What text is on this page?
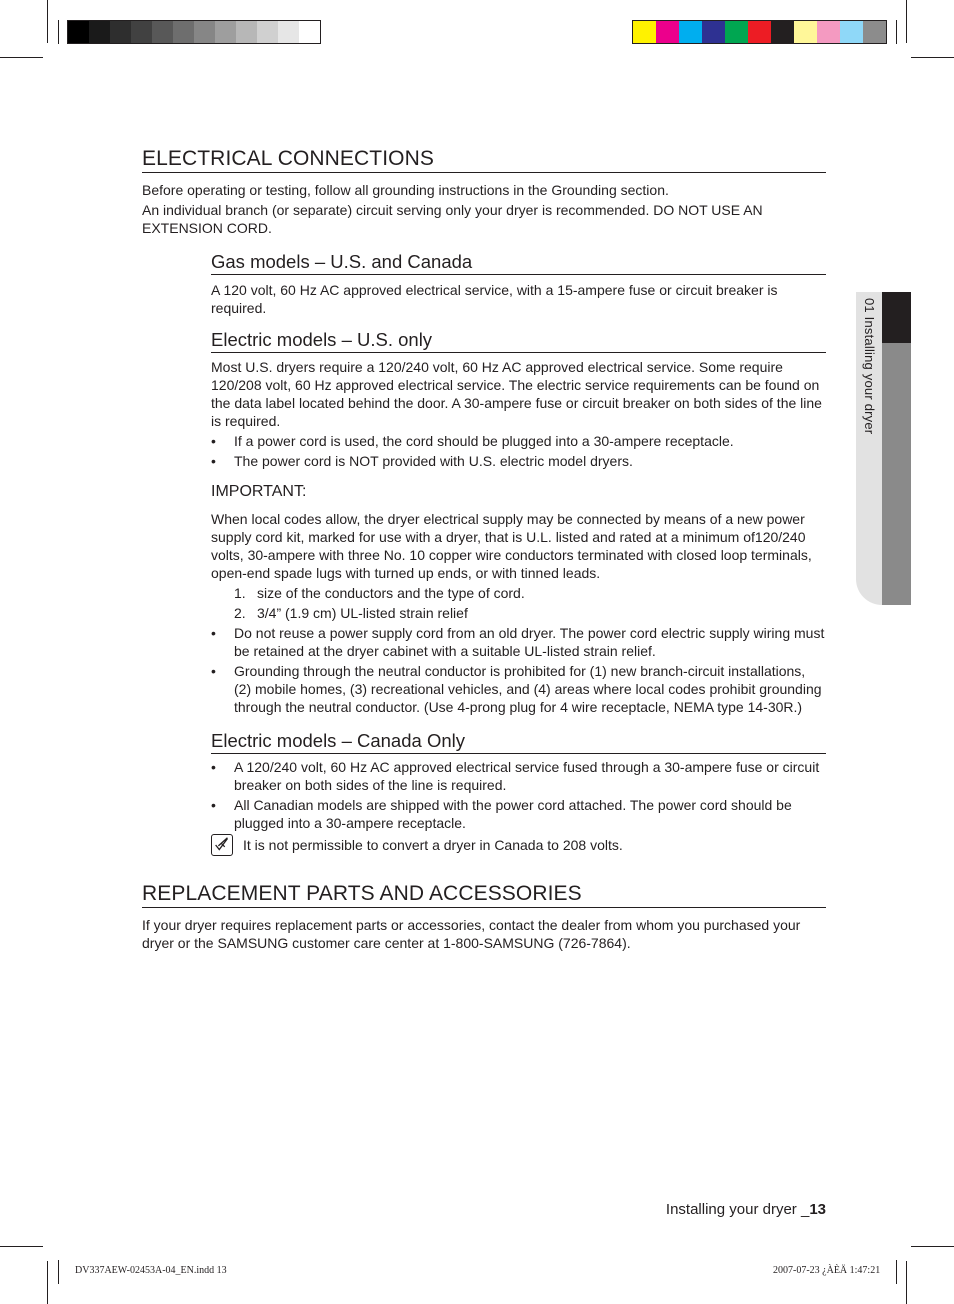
01 Installing your dryer
ELECTRICAL CONNECTIONS

Before operating or testing, follow all grounding instructions in the Grounding section.

An individual branch (or separate) circuit serving only your dryer is recommended. DO NOT USE AN EXTENSION CORD.

Gas models – U.S. and Canada

A 120 volt, 60 Hz AC approved electrical service, with a 15-ampere fuse or circuit breaker is required.

Electric models – U.S. only

Most U.S. dryers require a 120/240 volt, 60 Hz AC approved electrical service. Some require 120/208 volt, 60 Hz approved electrical service. The electric service requirements can be found on the data label located behind the door. A 30-ampere fuse or circuit breaker on both sides of the line is required.

• If a power cord is used, the cord should be plugged into a 30-ampere receptacle.
• The power cord is NOT provided with U.S. electric model dryers.
IMPORTANT:

When local codes allow, the dryer electrical supply may be connected by means of a new power supply cord kit, marked for use with a dryer, that is U.L. listed and rated at a minimum of120/240 volts, 30-ampere with three No. 10 copper wire conductors terminated with closed loop terminals, open-end spade lugs with turned up ends, or with tinned leads.

1. size of the conductors and the type of cord.
2. 3/4” (1.9 cm) UL-listed strain relief
• Do not reuse a power supply cord from an old dryer. The power cord electric supply wiring must be retained at the dryer cabinet with a suitable UL-listed strain relief.
• Grounding through the neutral conductor is prohibited for (1) new branch-circuit installations, (2) mobile homes, (3) recreational vehicles, and (4) areas where local codes prohibit grounding through the neutral conductor. (Use 4-prong plug for 4 wire receptacle, NEMA type 14-30R.)
Electric models – Canada Only
• A 120/240 volt, 60 Hz AC approved electrical service fused through a 30-ampere fuse or circuit breaker on both sides of the line is required.
• All Canadian models are shipped with the power cord attached. The power cord should be plugged into a 30-ampere receptacle.
It is not permissible to convert a dryer in Canada to 208 volts.
REPLACEMENT PARTS AND ACCESSORIES

If your dryer requires replacement parts or accessories, contact the dealer from whom you purchased your dryer or the SAMSUNG customer care center at 1-800-SAMSUNG (726-7864).

Installing your dryer _13
DV337AEW-02453A-04_EN.indd 13	2007-07-23 ¿ÀÈÄ 1:47:21
